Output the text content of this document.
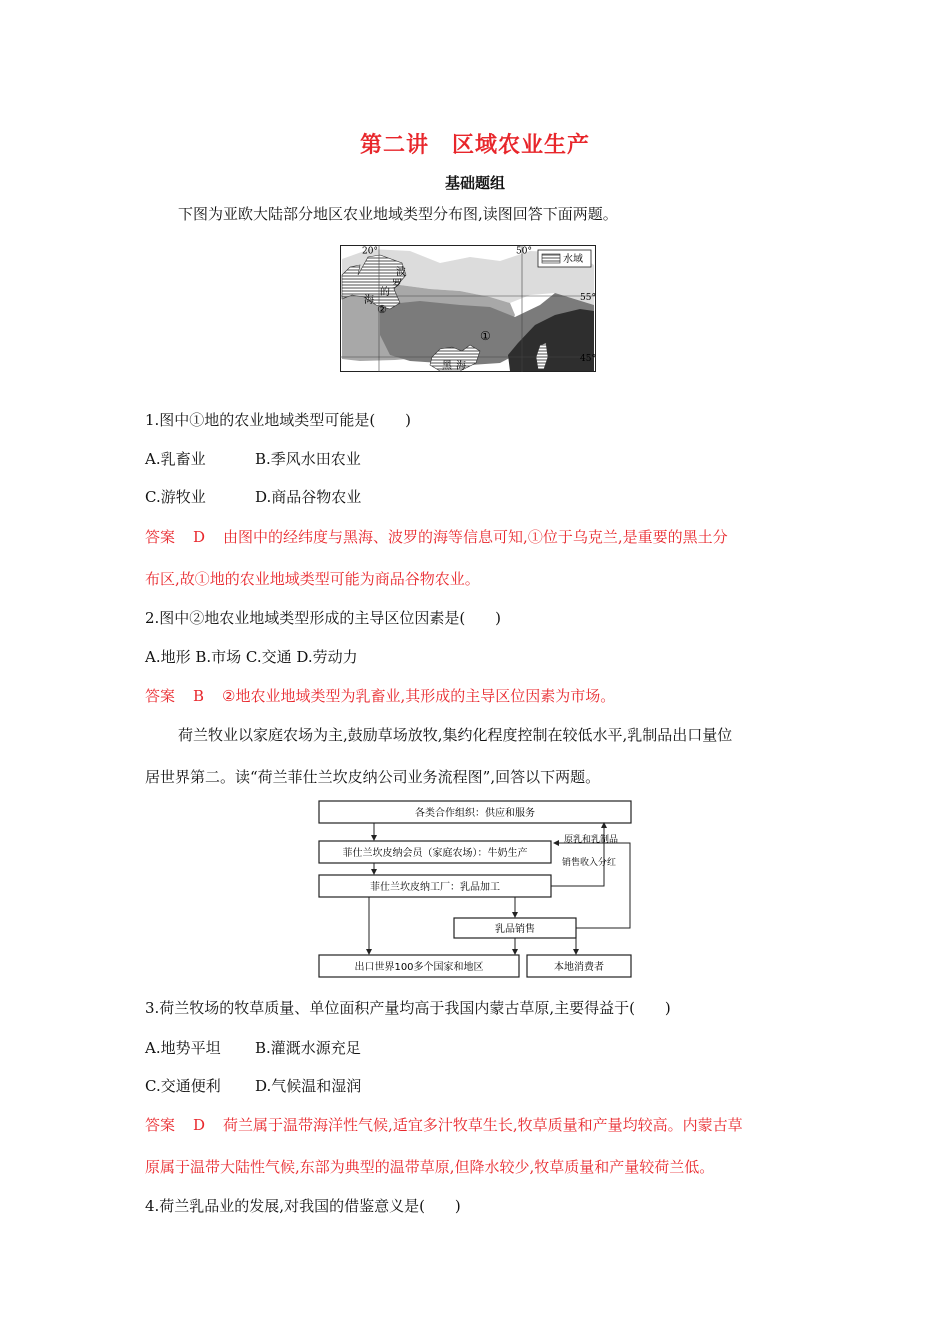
第二讲　区域农业生产
基础题组
下图为亚欧大陆部分地区农业地域类型分布图,读图回答下面两题。
水域
20°	50°
55°
45°
波
罗
的
海
②
①
黑 海
1.图中①地的农业地域类型可能是(　　)
A.乳畜业	B.季风水田农业
C.游牧业	D.商品谷物农业
答案 D 由图中的经纬度与黑海、波罗的海等信息可知,①位于乌克兰,是重要的黑土分
布区,故①地的农业地域类型可能为商品谷物农业。
2.图中②地农业地域类型形成的主导区位因素是(　　)
A.地形 B.市场 C.交通 D.劳动力
答案 B ②地农业地域类型为乳畜业,其形成的主导区位因素为市场。
荷兰牧业以家庭农场为主,鼓励草场放牧,集约化程度控制在较低水平,乳制品出口量位
居世界第二。读“荷兰菲仕兰坎皮纳公司业务流程图”,回答以下两题。
各类合作组织：供应和服务
菲仕兰坎皮纳会员（家庭农场）：牛奶生产
菲仕兰坎皮纳工厂：乳品加工
乳品销售
出口世界100多个国家和地区	本地消费者
原乳和乳制品
销售收入分红
3.荷兰牧场的牧草质量、单位面积产量均高于我国内蒙古草原,主要得益于(　　)
A.地势平坦 B.灌溉水源充足
C.交通便利 D.气候温和湿润
答案 D 荷兰属于温带海洋性气候,适宜多汁牧草生长,牧草质量和产量均较高。内蒙古草
原属于温带大陆性气候,东部为典型的温带草原,但降水较少,牧草质量和产量较荷兰低。
4.荷兰乳品业的发展,对我国的借鉴意义是(　　)
